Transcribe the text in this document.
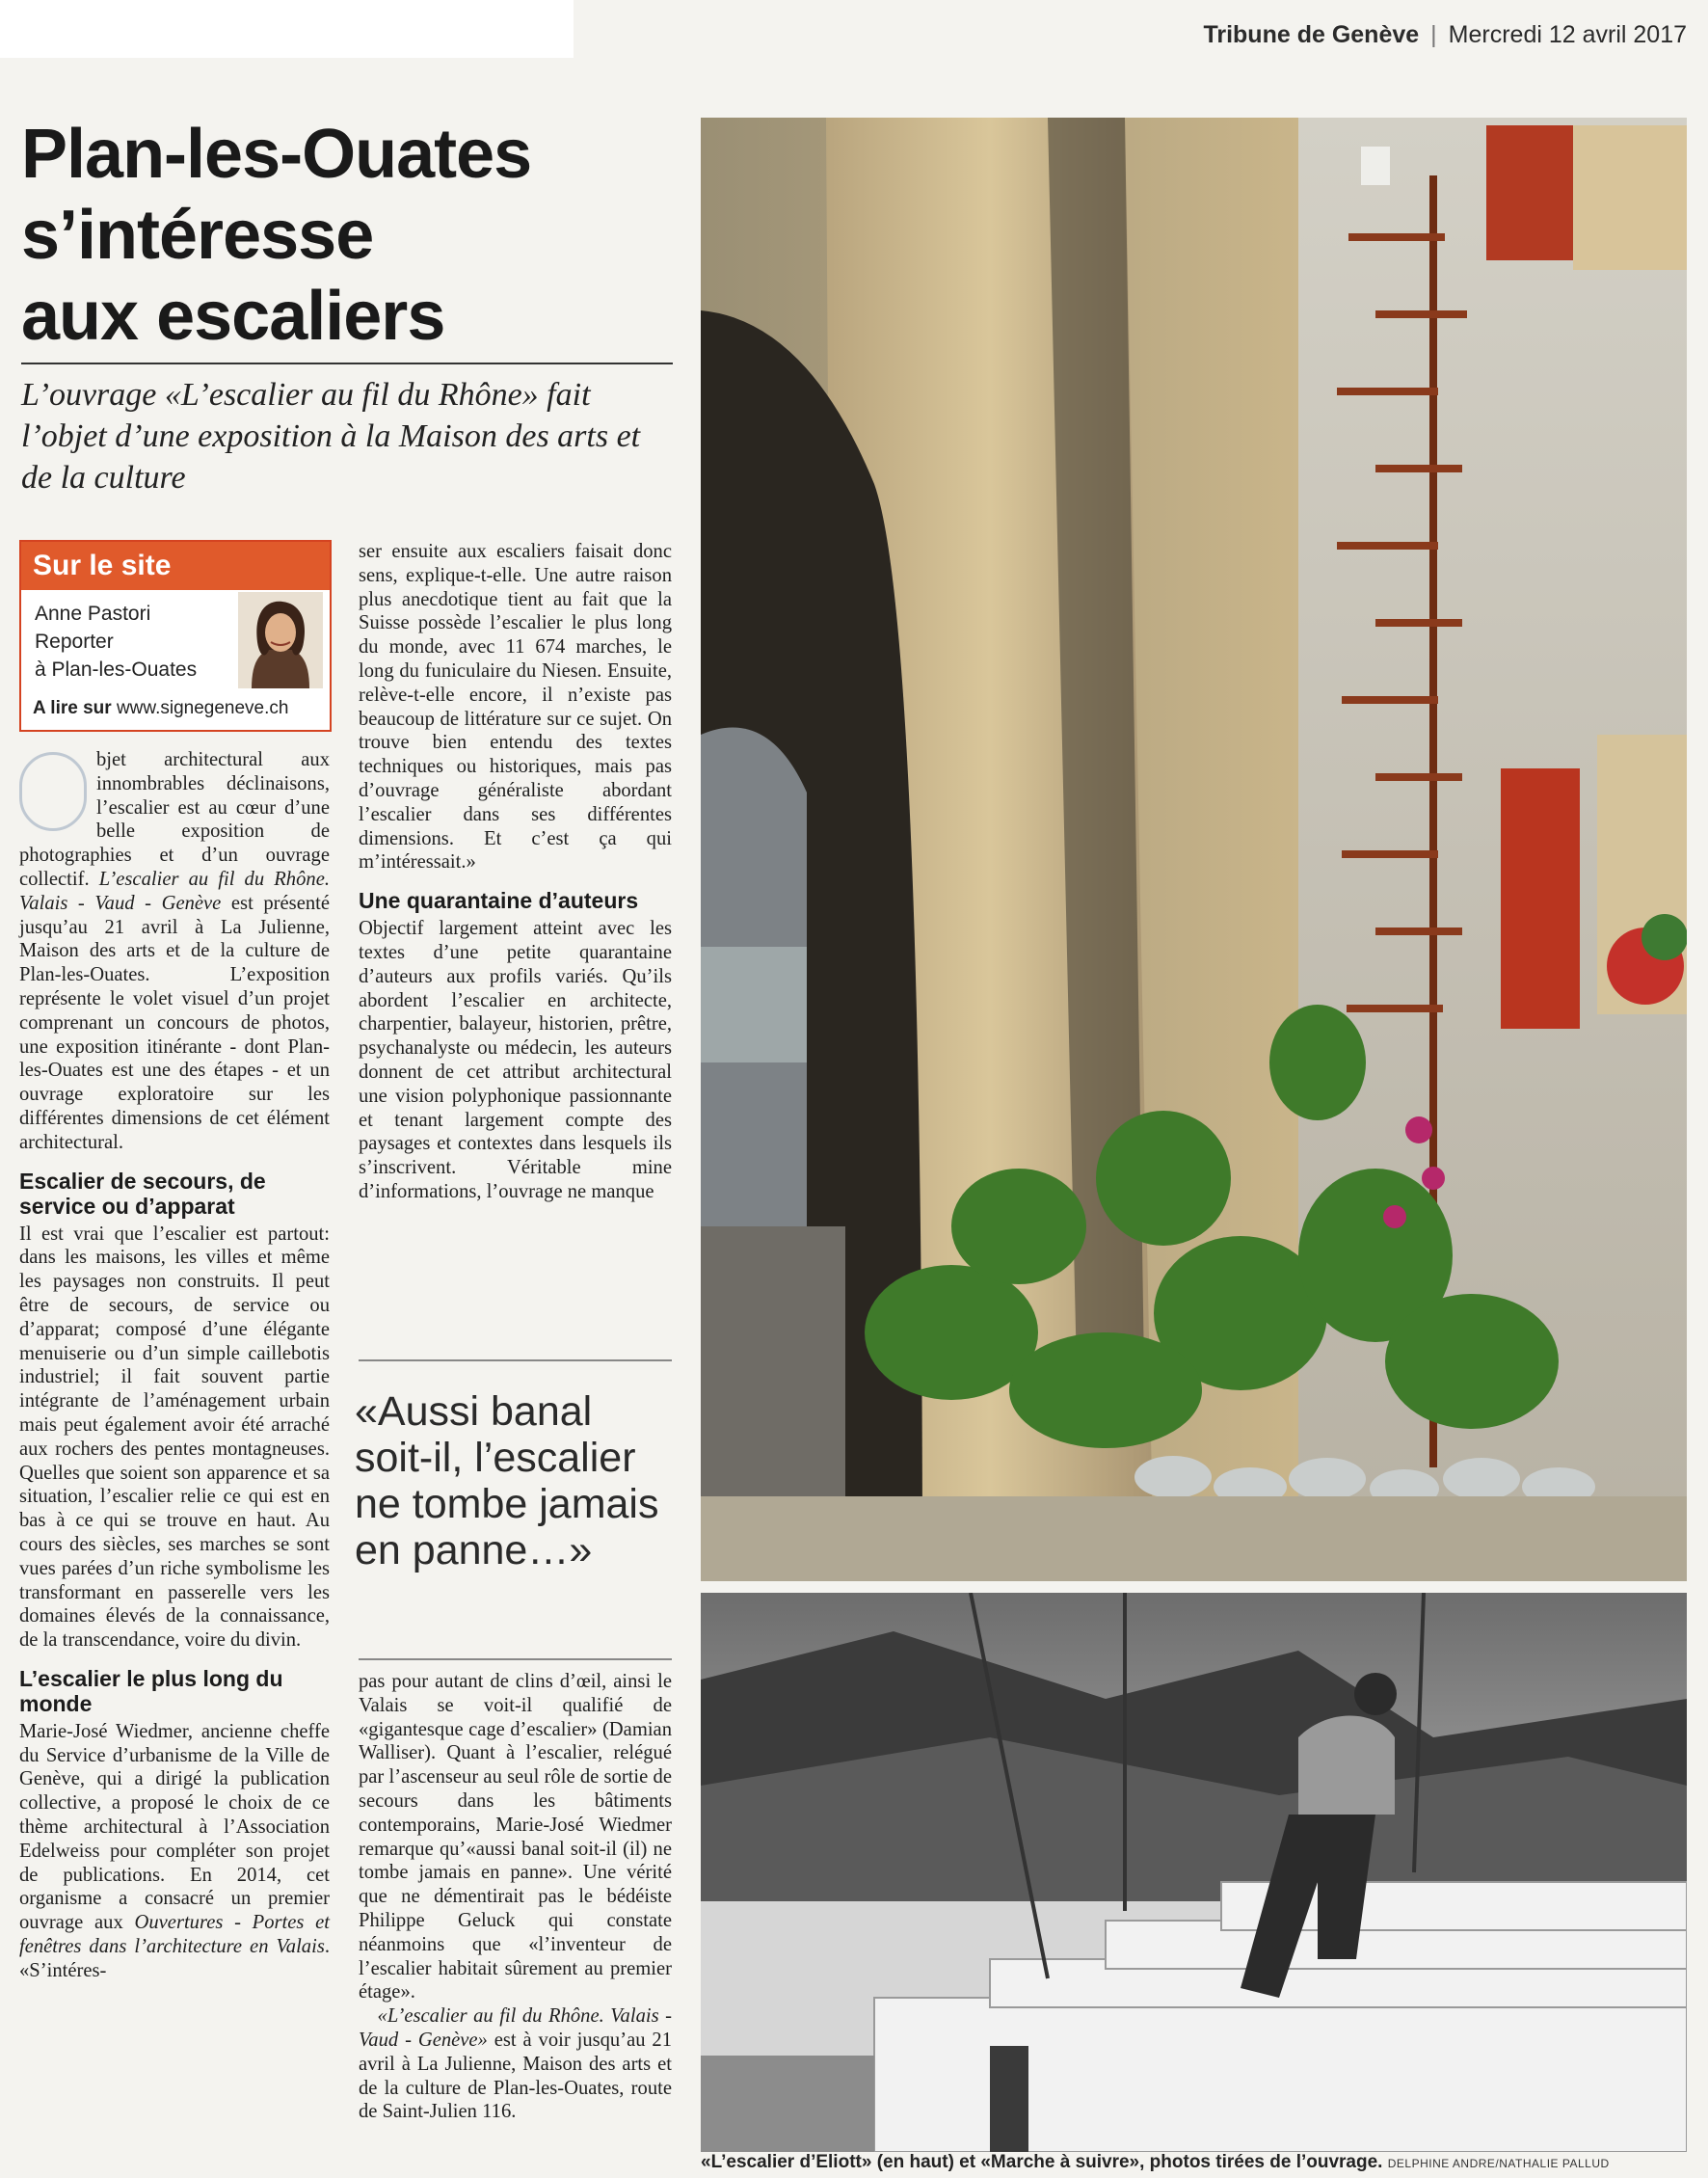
Tribune de Genève | Mercredi 12 avril 2017
Plan-les-Ouates
s’intéresse
aux escaliers
L’ouvrage «L’escalier au fil du Rhône» fait l’objet d’une exposition à la Maison des arts et de la culture
Sur le site
Anne Pastori
Reporter
à Plan-les-Ouates
A lire sur www.signegeneve.ch

bjet architectural aux innombrables déclinaisons, l’escalier est au cœur d’une belle exposition de photographies et d’un ouvrage collectif. L’escalier au fil du Rhône. Valais - Vaud - Genève est présenté jusqu’au 21 avril à La Julienne, Maison des arts et de la culture de Plan-les-Ouates. L’exposition représente le volet visuel d’un projet comprenant un concours de photos, une exposition itinérante - dont Plan-les-Ouates est une des étapes - et un ouvrage exploratoire sur les différentes dimensions de cet élément architectural.

Escalier de secours, de service ou d’apparat

Il est vrai que l’escalier est partout: dans les maisons, les villes et même les paysages non construits. Il peut être de secours, de service ou d’apparat; composé d’une élégante menuiserie ou d’un simple caillebotis industriel; il fait souvent partie intégrante de l’aménagement urbain mais peut également avoir été arraché aux rochers des pentes montagneuses. Quelles que soient son apparence et sa situation, l’escalier relie ce qui est en bas à ce qui se trouve en haut. Au cours des siècles, ses marches se sont vues parées d’un riche symbolisme les transformant en passerelle vers les domaines élevés de la connaissance, de la transcendance, voire du divin.

L’escalier le plus long du monde

Marie-José Wiedmer, ancienne cheffe du Service d’urbanisme de la Ville de Genève, qui a dirigé la publication collective, a proposé le choix de ce thème architectural à l’Association Edelweiss pour compléter son projet de publications. En 2014, cet organisme a consacré un premier ouvrage aux Ouvertures - Portes et fenêtres dans l’architecture en Valais. «S’intéres-

ser ensuite aux escaliers faisait donc sens, explique-t-elle. Une autre raison plus anecdotique tient au fait que la Suisse possède l’escalier le plus long du monde, avec 11 674 marches, le long du funiculaire du Niesen. Ensuite, relève-t-elle encore, il n’existe pas beaucoup de littérature sur ce sujet. On trouve bien entendu des textes techniques ou historiques, mais pas d’ouvrage généraliste abordant l’escalier dans ses différentes dimensions. Et c’est ça qui m’intéressait.»

Une quarantaine d’auteurs

Objectif largement atteint avec les textes d’une petite quarantaine d’auteurs aux profils variés. Qu’ils abordent l’escalier en architecte, charpentier, balayeur, historien, prêtre, psychanalyste ou médecin, les auteurs donnent de cet attribut architectural une vision polyphonique passionnante et tenant largement compte des paysages et contextes dans lesquels ils s’inscrivent. Véritable mine d’informations, l’ouvrage ne manque

«Aussi banal soit-il, l’escalier ne tombe jamais en panne…»

pas pour autant de clins d’œil, ainsi le Valais se voit-il qualifié de «gigantesque cage d’escalier» (Damian Walliser). Quant à l’escalier, relégué par l’ascenseur au seul rôle de sortie de secours dans les bâtiments contemporains, Marie-José Wiedmer remarque qu’«aussi banal soit-il (il) ne tombe jamais en panne». Une vérité que ne démentirait pas le bédéiste Philippe Geluck qui constate néanmoins que «l’inventeur de l’escalier habitait sûrement au premier étage».

«L’escalier au fil du Rhône. Valais - Vaud - Genève» est à voir jusqu’au 21 avril à La Julienne, Maison des arts et de la culture de Plan-les-Ouates, route de Saint-Julien 116.

«L’escalier d’Eliott» (en haut) et «Marche à suivre», photos tirées de l’ouvrage. DELPHINE ANDRE/NATHALIE PALLUD
